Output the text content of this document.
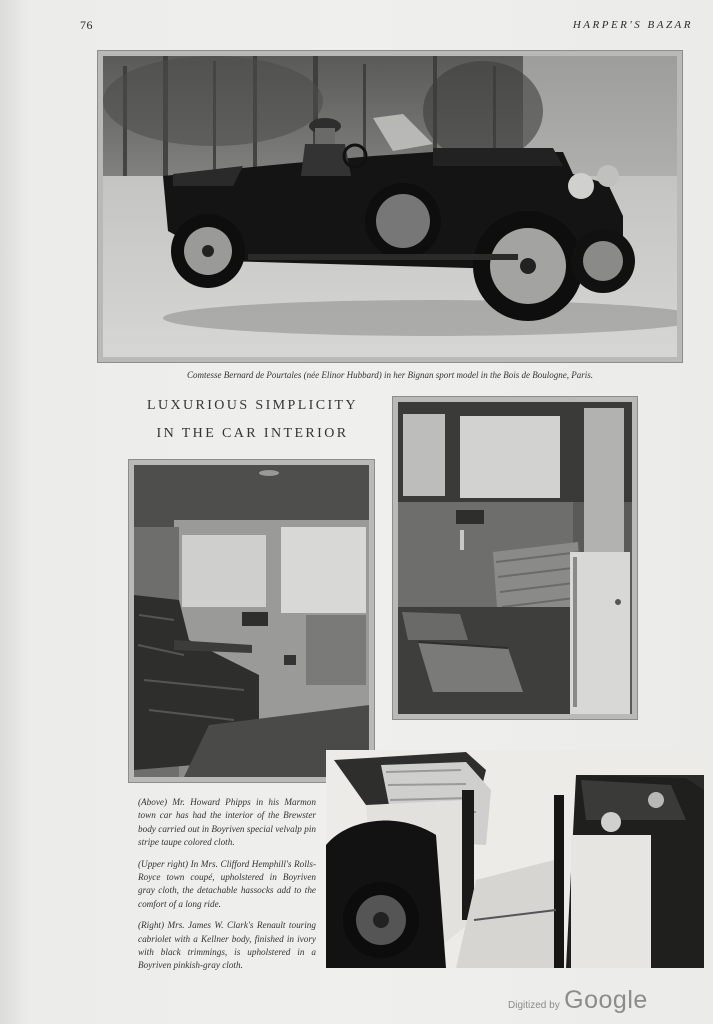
76	HARPER'S BAZAR
Comtesse Bernard de Pourtales (née Elinor Hubbard) in her Bignan sport model in the Bois de Boulogne, Paris.
LUXURIOUS SIMPLICITY
IN THE CAR INTERIOR

(Above) Mr. Howard Phipps in his Marmon town car has had the interior of the Brewster body carried out in Boyriven special velvalp pin stripe taupe colored cloth.

(Upper right) In Mrs. Clifford Hemphill's Rolls-Royce town coupé, upholstered in Boyriven gray cloth, the detachable hassocks add to the comfort of a long ride.

(Right) Mrs. James W. Clark's Renault touring cabriolet with a Kellner body, finished in ivory with black trimmings, is upholstered in a Boyriven pinkish-gray cloth.

Digitized by Google
